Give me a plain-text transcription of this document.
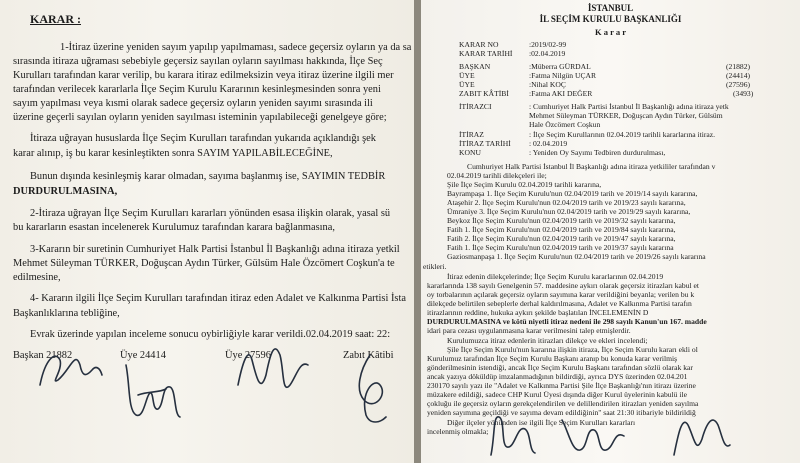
KARAR :
1-İtiraz üzerine yeniden sayım yapılıp yapılmaması, sadece geçersiz oyların ya da sa
sırasında itiraza uğraması sebebiyle geçersiz sayılan oyların sayılması hakkında, İlçe Seç
Kurulları tarafından karar verilip, bu karara itiraz edilmeksizin veya itiraz üzerine ilgili mer
tarafından verilecek kararlarla İlçe Seçim Kurulu Kararının kesinleşmesinden sonra yeni
sayım yapılması veya kısmi olarak sadece geçersiz oyların yeniden sayımı sırasında ili
üzerine geçerli sayılan oyların yeniden sayılması isteminin yapılabileceği genelgeye göre;
İtiraza uğrayan hususlarda İlçe Seçim Kurulları tarafından yukarıda açıklandığı şek
karar alınıp, iş bu karar kesinleştikten sonra SAYIM YAPILABİLECEĞİNE,
Bunun dışında kesinleşmiş karar olmadan, sayıma başlanmış ise, SAYIMIN TEDBİR
DURDURULMASINA,
2-İtiraza uğrayan İlçe Seçim Kurulları kararları yönünden esasa ilişkin olarak, yasal sü
bu kararların esastan incelenerek Kurulumuz tarafından karara bağlanmasına,
3-Kararın bir suretinin Cumhuriyet Halk Partisi İstanbul İl Başkanlığı adına itiraza yetkil
Mehmet Süleyman TÜRKER, Doğuşcan Aydın Türker, Gülsüm Hale Özcömert Coşkun'a te
edilmesine,
4- Kararın ilgili İlçe Seçim Kurulları tarafından itiraz eden Adalet ve Kalkınma Partisi İsta
Başkanlıklarına tebliğine,
Evrak üzerinde yapılan inceleme sonucu oybirliğiyle karar verildi.02.04.2019 saat: 22:
Başkan 21882	Üye 24414	Üye 27596	Zabıt Kâtibi
İSTANBUL
İL SEÇİM KURULU BAŞKANLIĞI
K a r a r
KARAR NO	:2019/02-99
KARAR TARİHİ :02.04.2019
BAŞKAN	:Müberra GÜRDAL	(21882)
ÜYE	:Fatma Nilgün UÇAR	(24414)
ÜYE	:Nihal KOÇ	(27596)
ZABIT KÂTİBİ	:Fatma AKI DEĞER	(3493)
İTİRAZCI	: Cumhuriyet Halk Partisi İstanbul İl Başkanlığı adına itiraza yetk
Mehmet Süleyman TÜRKER, Doğuşcan Aydın Türker, Gülsüm
Hale Özcömert Coşkun
İTİRAZ	: İlçe Seçim Kurullarının 02.04.2019 tarihli kararlarına itiraz.
İTİRAZ TARİHİ : 02.04.2019
KONU	: Yeniden Oy Sayımı Tedbiren durdurulması,
Cumhuriyet Halk Partisi İstanbul İl Başkanlığı adına itiraza yetkililer tarafından v
02.04.2019 tarihli dilekçeleri ile;
Şile İlçe Seçim Kurulu 02.04.2019 tarihli kararına,
Bayrampaşa 1. İlçe Seçim Kurulu'nun 02.04/2019 tarih ve 2019/14 sayılı kararına,
Ataşehir 2. İlçe Seçim Kurulu'nun 02.04/2019 tarih ve 2019/23 sayılı kararına,
Ümraniye 3. İlçe Seçim Kurulu'nun 02.04/2019 tarih ve 2019/29 sayılı kararına,
Beykoz İlçe Seçim Kurulu'nun 02.04/2019 tarih ve 2019/32 sayılı kararına,
Fatih 1. İlçe Seçim Kurulu'nun 02.04/2019 tarih ve 2019/84 sayılı kararına,
Fatih 2. İlçe Seçim Kurulu'nun 02.04/2019 tarih ve 2019/47 sayılı kararına,
Fatih 1. İlçe Seçim Kurulu'nun 02.04/2019 tarih ve 2019/37 sayılı kararına
Gaziosmanpaşa 1. İlçe Seçim Kurulu'nun 02.04/2019 tarih ve 2019/26 sayılı kararına
etikleri.
İtiraz edenin dilekçelerinde; İlçe Seçim Kurulu kararlarının 02.04.2019
kararlarında 138 sayılı Genelgenin 57. maddesine aykırı olarak geçersiz itirazları kabul et
oy torbalarının açılarak geçersiz oyların sayımına karar verildiğini beyanla; verilen bu k
dilekçede belirtilen sebeplerle derhal kaldırılmasına, Adalet ve Kalkınma Partisi tarafın
itirazlarının reddine, hukuka aykırı şekilde başlatılan İNCELEMENİN D
DURDURULMASINA ve kötü niyetli itiraz nedeni ile 298 sayılı Kanun'un 167. madde
idari para cezası uygulanmasına karar verilmesini talep etmişlerdir.
Kurulumuzca itiraz edenlerin itirazları dilekçe ve ekleri incelendi;
Şile İlçe Seçim Kurulu'nun kararına ilişkin itiraza, İlçe Seçim Kurulu kararı ekli ol
Kurulumuz tarafından İlçe Seçim Kurulu Başkanı aranıp bu konuda karar verilmiş
gönderilmesinin istendiği, ancak İlçe Seçim Kurulu Başkanı tarafından sözlü olarak kar
ancak yazıya döküldüp imzalanmadığının bildirdiği, ayrıca DYS üzerinden 02.04.201
230170 sayılı yazı ile "Adalet ve Kalkınma Partisi Şile İlçe Başkanlığı'nın itirazı üzerine
müzakere edildiği, sadece CHP Kurul Üyesi dışında diğer Kurul üyelerinin kabulü ile
çokluğu ile geçersiz oyların gerekçelendirilen ve delillendirilen itirazları yeniden sayılma
yeniden sayımına geçildiği ve sayıma devam edildiğinin" saat 21:30 itibariyle bildirildiğ
Diğer ilçeler yönünden ise ilgili İlçe Seçim Kurulları kararları
incelenmiş olmakla;
